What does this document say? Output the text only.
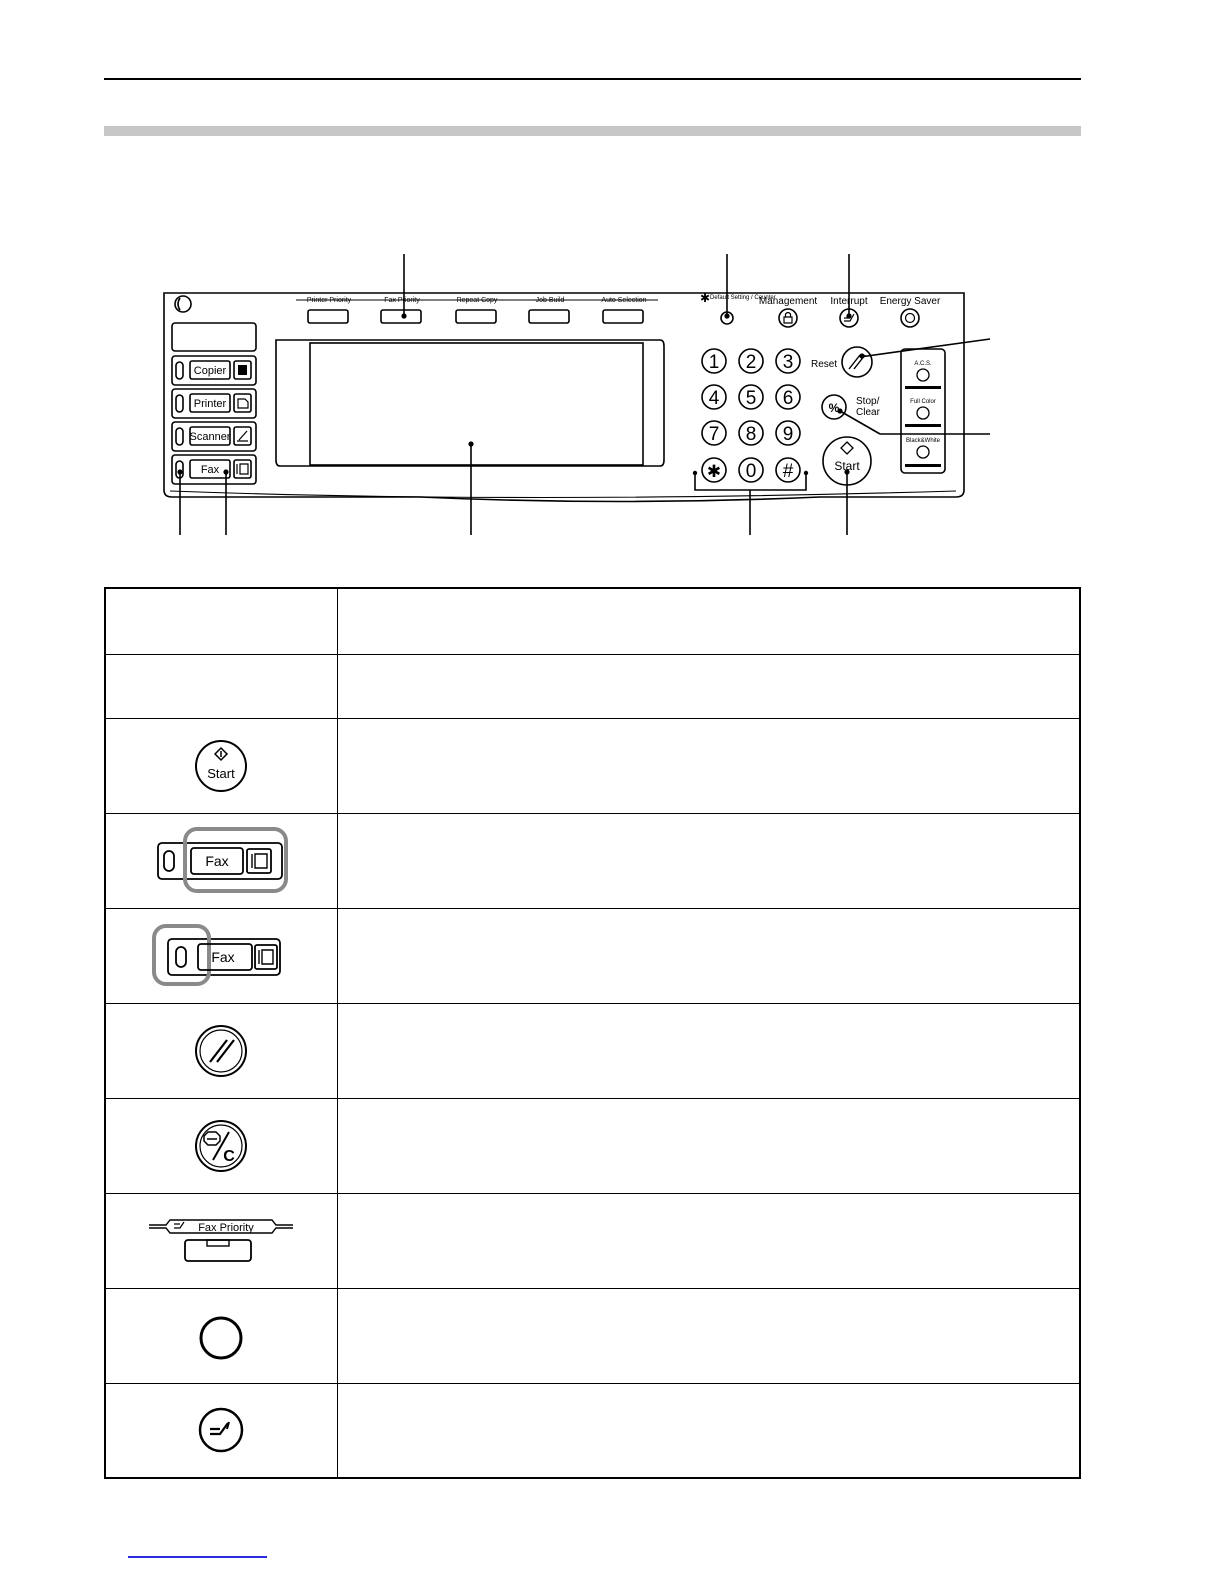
Copier
Printer
Scanner
Fax
Printer Priority	Fax Priority	Repeat Copy	Job Build	Auto Selection	✱ Default Setting / Counter
Management Interrupt Energy Saver
1 2 3
4 5 6
7 8 9
✱ 0 #
Reset
% Stop/
Clear
Start
A.C.S.
Full Color
Black&White

Start	

Fax	

Fax	

C	

Fax Priority	
